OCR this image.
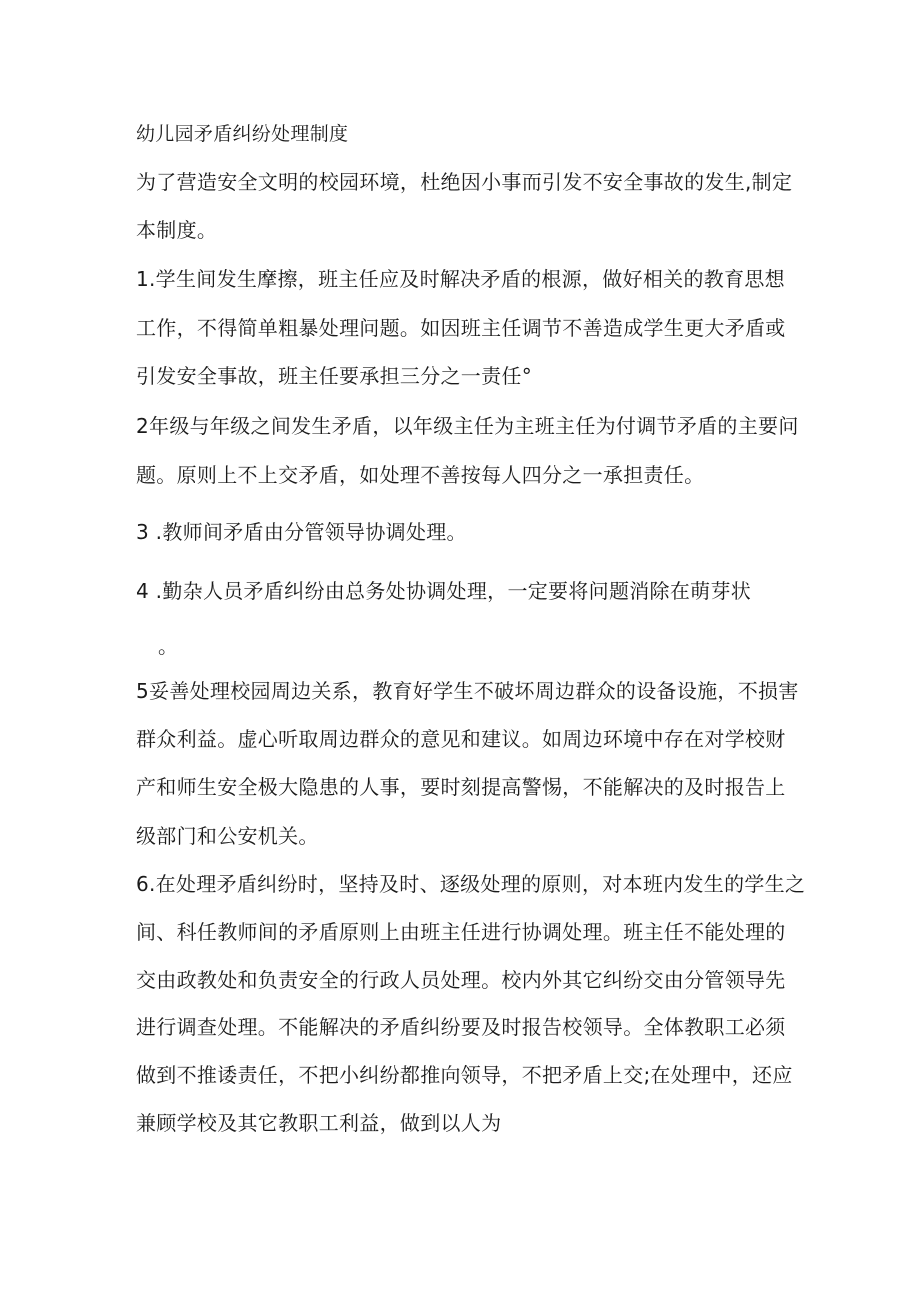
幼儿园矛盾纠纷处理制度
为了营造安全文明的校园环境，杜绝因小事而引发不安全事故的发生,制定
本制度。
1.学生间发生摩擦，班主任应及时解决矛盾的根源，做好相关的教育思想
工作，不得简单粗暴处理问题。如因班主任调节不善造成学生更大矛盾或
引发安全事故，班主任要承担三分之一责任°
2年级与年级之间发生矛盾，以年级主任为主班主任为付调节矛盾的主要问
题。原则上不上交矛盾，如处理不善按每人四分之一承担责任。
3 .教师间矛盾由分管领导协调处理。
4 .勤杂人员矛盾纠纷由总务处协调处理，一定要将问题消除在萌芽状
。
5妥善处理校园周边关系，教育好学生不破坏周边群众的设备设施，不损害
群众利益。虚心听取周边群众的意见和建议。如周边环境中存在对学校财
产和师生安全极大隐患的人事，要时刻提高警惕，不能解决的及时报告上
级部门和公安机关。
6.在处理矛盾纠纷时，坚持及时、逐级处理的原则，对本班内发生的学生之
间、科任教师间的矛盾原则上由班主任进行协调处理。班主任不能处理的
交由政教处和负责安全的行政人员处理。校内外其它纠纷交由分管领导先
进行调查处理。不能解决的矛盾纠纷要及时报告校领导。全体教职工必须
做到不推诿责任，不把小纠纷都推向领导，不把矛盾上交;在处理中，还应
兼顾学校及其它教职工利益，做到以人为
